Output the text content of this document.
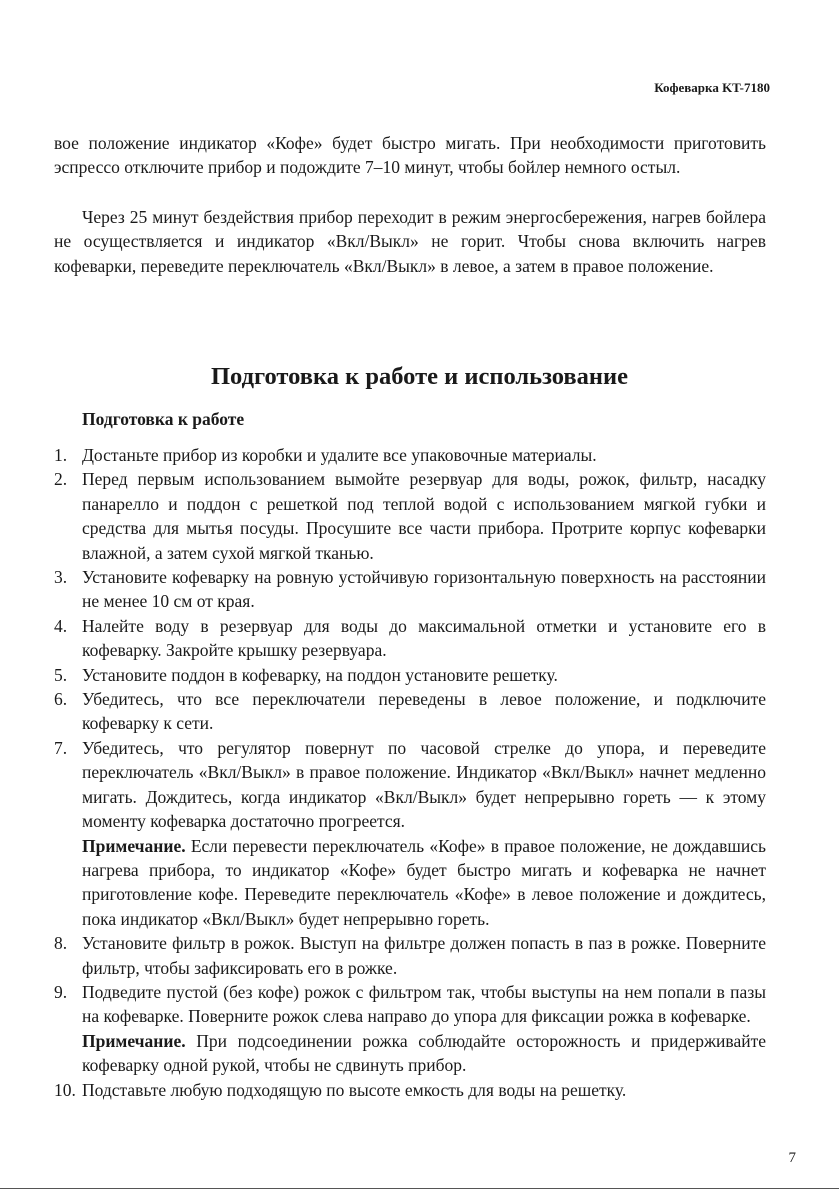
Кофеварка KT-7180

вое положение индикатор «Кофе» будет быстро мигать. При необходимости приготовить эспрессо отключите прибор и подождите 7–10 минут, чтобы бойлер немного остыл.

Через 25 минут бездействия прибор переходит в режим энергосбережения, нагрев бойлера не осуществляется и индикатор «Вкл/Выкл» не горит. Чтобы снова включить нагрев кофеварки, переведите переключатель «Вкл/Выкл» в левое, а затем в правое положение.

Подготовка к работе и использование
Подготовка к работе
1. Достаньте прибор из коробки и удалите все упаковочные материалы.
2. Перед первым использованием вымойте резервуар для воды, рожок, фильтр, насадку панарелло и поддон с решеткой под теплой водой с использованием мягкой губки и средства для мытья посуды. Просушите все части прибора. Протрите корпус кофеварки влажной, а затем сухой мягкой тканью.
3. Установите кофеварку на ровную устойчивую горизонтальную поверхность на расстоянии не менее 10 см от края.
4. Налейте воду в резервуар для воды до максимальной отметки и установите его в кофеварку. Закройте крышку резервуара.
5. Установите поддон в кофеварку, на поддон установите решетку.
6. Убедитесь, что все переключатели переведены в левое положение, и подключите кофеварку к сети.
7. Убедитесь, что регулятор повернут по часовой стрелке до упора, и переведите переключатель «Вкл/Выкл» в правое положение. Индикатор «Вкл/Выкл» начнет медленно мигать. Дождитесь, когда индикатор «Вкл/Выкл» будет непрерывно гореть — к этому моменту кофеварка достаточно прогреется.
Примечание. Если перевести переключатель «Кофе» в правое положение, не дождавшись нагрева прибора, то индикатор «Кофе» будет быстро мигать и кофеварка не начнет приготовление кофе. Переведите переключатель «Кофе» в левое положение и дождитесь, пока индикатор «Вкл/Выкл» будет непрерывно гореть.
8. Установите фильтр в рожок. Выступ на фильтре должен попасть в паз в рожке. Поверните фильтр, чтобы зафиксировать его в рожке.
9. Подведите пустой (без кофе) рожок с фильтром так, чтобы выступы на нем попали в пазы на кофеварке. Поверните рожок слева направо до упора для фиксации рожка в кофеварке.
Примечание. При подсоединении рожка соблюдайте осторожность и придерживайте кофеварку одной рукой, чтобы не сдвинуть прибор.
10. Подставьте любую подходящую по высоте емкость для воды на решетку.
7
